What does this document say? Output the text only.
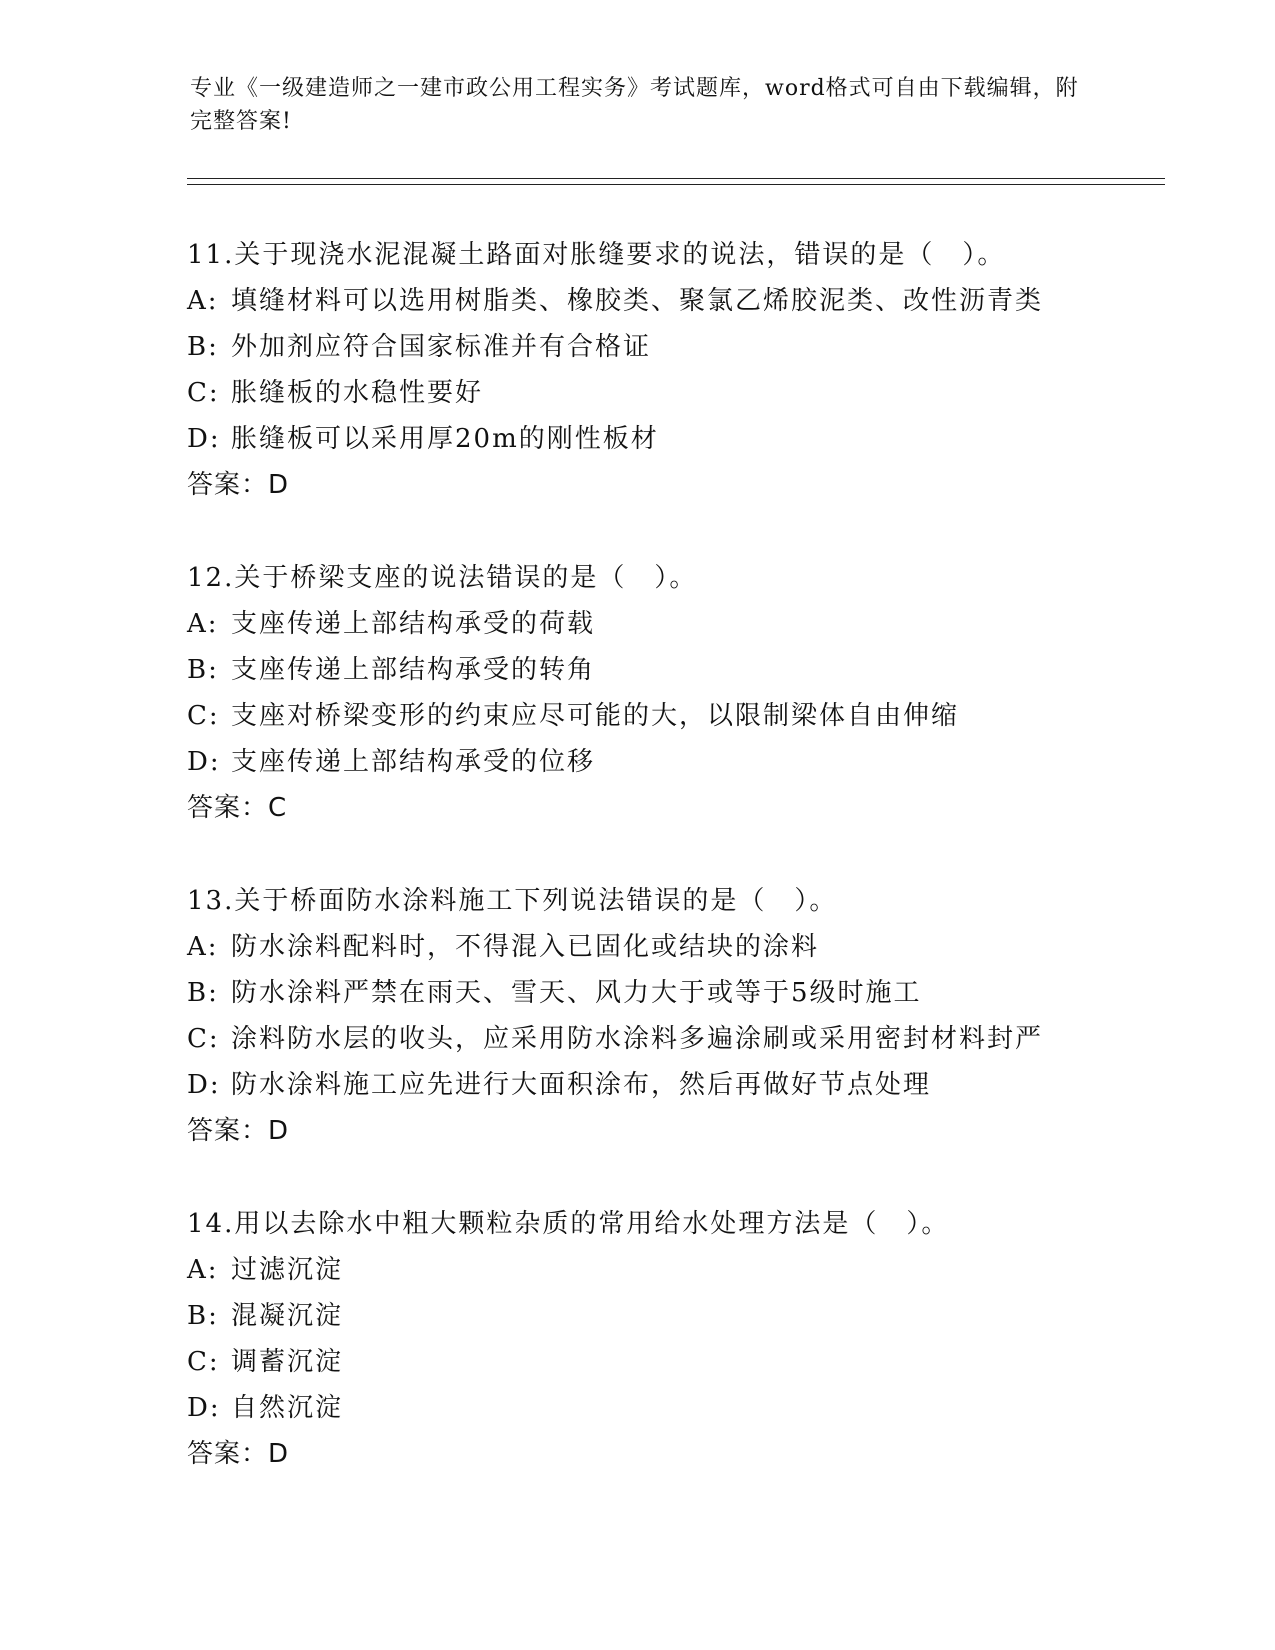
专业《一级建造师之一建市政公用工程实务》考试题库，word格式可自由下载编辑，附完整答案!
11.关于现浇水泥混凝土路面对胀缝要求的说法，错误的是（　）。
A: 填缝材料可以选用树脂类、橡胶类、聚氯乙烯胶泥类、改性沥青类
B: 外加剂应符合国家标准并有合格证
C: 胀缝板的水稳性要好
D: 胀缝板可以采用厚20m的刚性板材
答案：D
12.关于桥梁支座的说法错误的是（　）。
A: 支座传递上部结构承受的荷载
B: 支座传递上部结构承受的转角
C: 支座对桥梁变形的约束应尽可能的大，以限制梁体自由伸缩
D: 支座传递上部结构承受的位移
答案：C
13.关于桥面防水涂料施工下列说法错误的是（　）。
A: 防水涂料配料时，不得混入已固化或结块的涂料
B: 防水涂料严禁在雨天、雪天、风力大于或等于5级时施工
C: 涂料防水层的收头，应采用防水涂料多遍涂刷或采用密封材料封严
D: 防水涂料施工应先进行大面积涂布，然后再做好节点处理
答案：D
14.用以去除水中粗大颗粒杂质的常用给水处理方法是（　）。
A: 过滤沉淀
B: 混凝沉淀
C: 调蓄沉淀
D: 自然沉淀
答案：D
